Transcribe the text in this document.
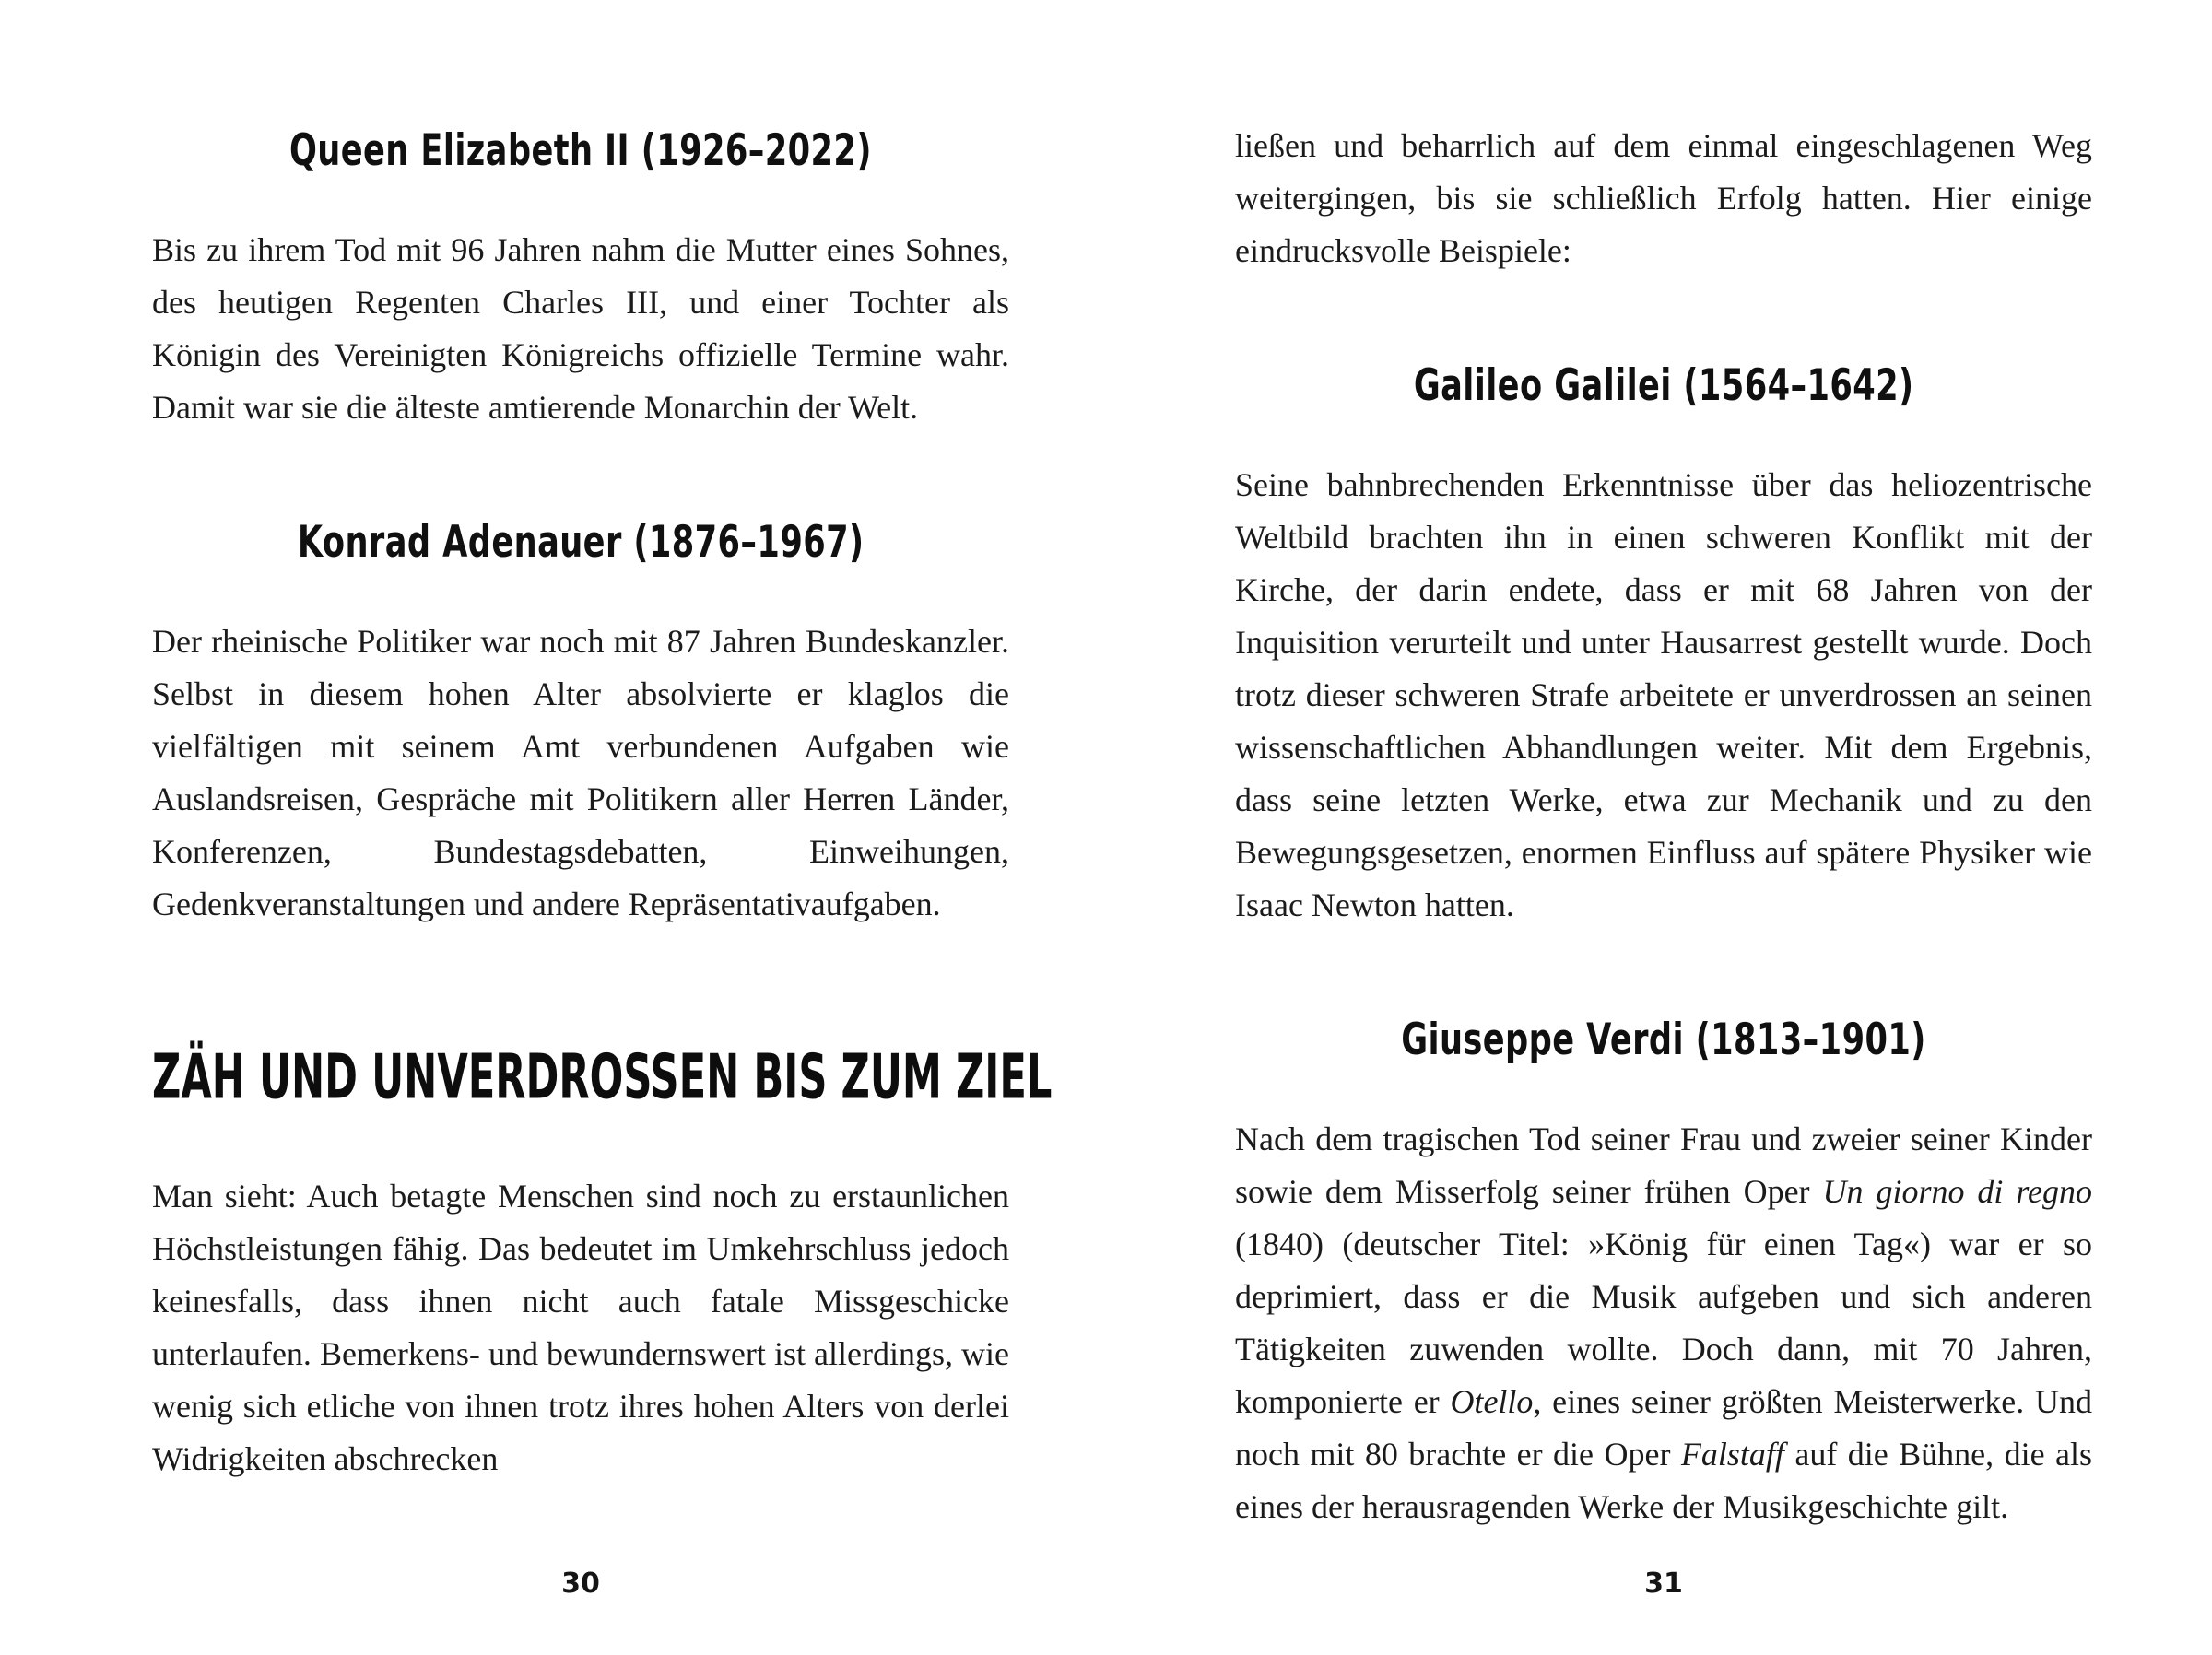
Queen Elizabeth II (1926–2022)

Bis zu ihrem Tod mit 96 Jahren nahm die Mutter eines Sohnes, des heutigen Regenten Charles III, und einer Tochter als Königin des Vereinigten Königreichs offizielle Termine wahr. Damit war sie die älteste amtierende Monarchin der Welt.

Konrad Adenauer (1876–1967)

Der rheinische Politiker war noch mit 87 Jahren Bundeskanzler. Selbst in diesem hohen Alter absolvierte er klaglos die vielfältigen mit seinem Amt verbundenen Aufgaben wie Auslandsreisen, Gespräche mit Politikern aller Herren Länder, Konferenzen, Bundestagsdebatten, Einweihungen, Gedenkveranstaltungen und andere Repräsentativaufgaben.

ZÄH UND UNVERDROSSEN BIS ZUM ZIEL

Man sieht: Auch betagte Menschen sind noch zu erstaunlichen Höchstleistungen fähig. Das bedeutet im Umkehrschluss jedoch keinesfalls, dass ihnen nicht auch fatale Missgeschicke unterlaufen. Bemerkens- und bewundernswert ist allerdings, wie wenig sich etliche von ihnen trotz ihres hohen Alters von derlei Widrigkeiten abschrecken

30

ließen und beharrlich auf dem einmal eingeschlagenen Weg weitergingen, bis sie schließlich Erfolg hatten. Hier einige eindrucksvolle Beispiele:

Galileo Galilei (1564–1642)

Seine bahnbrechenden Erkenntnisse über das heliozentrische Weltbild brachten ihn in einen schweren Konflikt mit der Kirche, der darin endete, dass er mit 68 Jahren von der Inquisition verurteilt und unter Hausarrest gestellt wurde. Doch trotz dieser schweren Strafe arbeitete er unverdrossen an seinen wissenschaftlichen Abhandlungen weiter. Mit dem Ergebnis, dass seine letzten Werke, etwa zur Mechanik und zu den Bewegungsgesetzen, enormen Einfluss auf spätere Physiker wie Isaac Newton hatten.

Giuseppe Verdi (1813–1901)

Nach dem tragischen Tod seiner Frau und zweier seiner Kinder sowie dem Misserfolg seiner frühen Oper Un giorno di regno (1840) (deutscher Titel: »König für einen Tag«) war er so deprimiert, dass er die Musik aufgeben und sich anderen Tätigkeiten zuwenden wollte. Doch dann, mit 70 Jahren, komponierte er Otello, eines seiner größten Meisterwerke. Und noch mit 80 brachte er die Oper Falstaff auf die Bühne, die als eines der herausragenden Werke der Musikgeschichte gilt.

31
